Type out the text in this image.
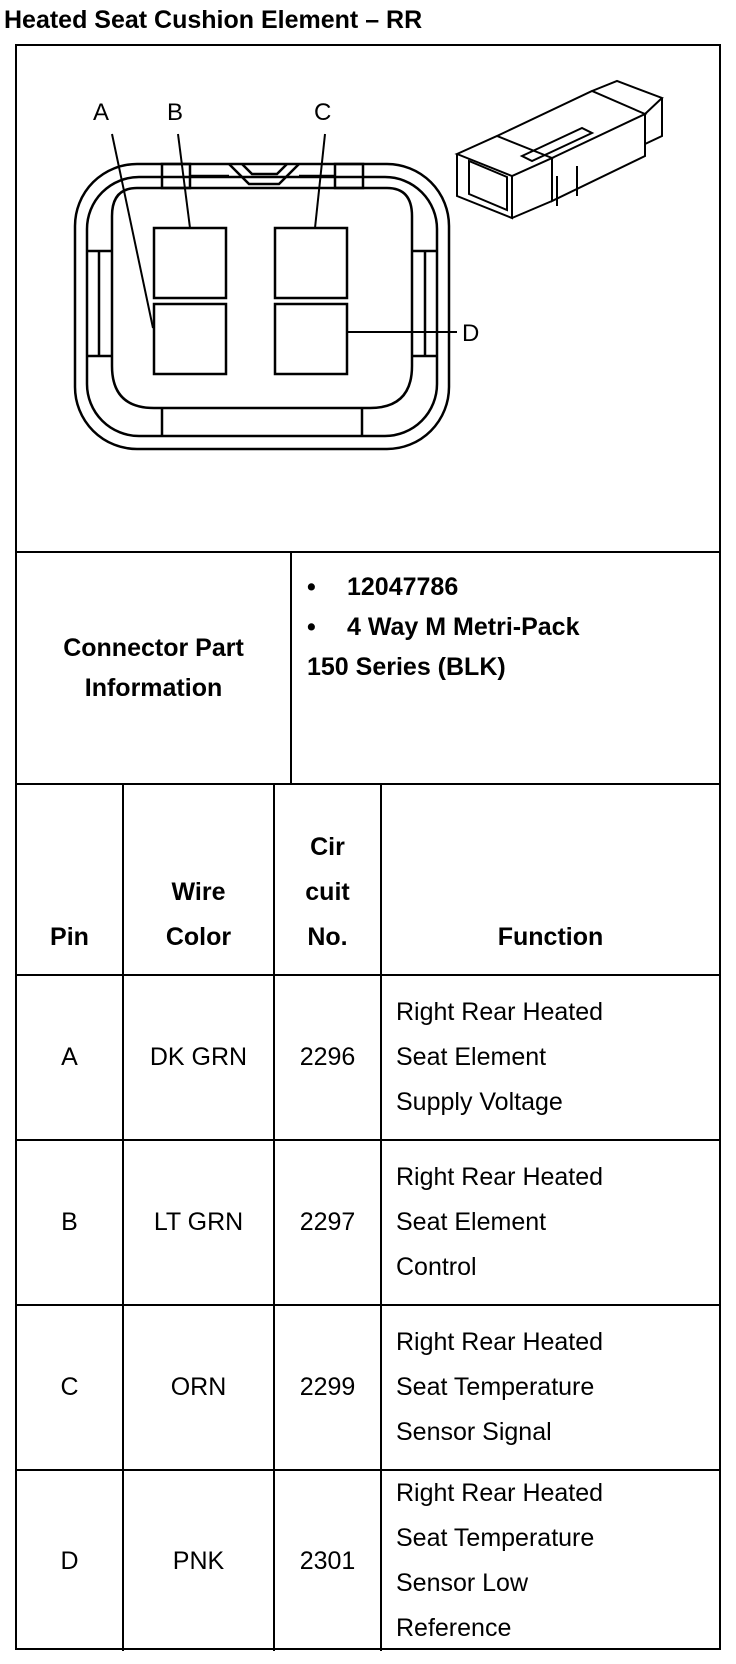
Heated Seat Cushion Element – RR
A B	C
D
Connector Part Information
•	12047786
•	4 Way M Metri-Pack
150 Series (BLK)
Pin	Wire Color	Cir cuit No.	Function
A	DK GRN	2296	Right Rear Heated Seat Element Supply Voltage

B	LT GRN	2297	Right Rear Heated Seat Element Control

C	ORN	2299	Right Rear Heated Seat Temperature Sensor Signal

D	PNK	2301	Right Rear Heated Seat Temperature Sensor Low Reference
